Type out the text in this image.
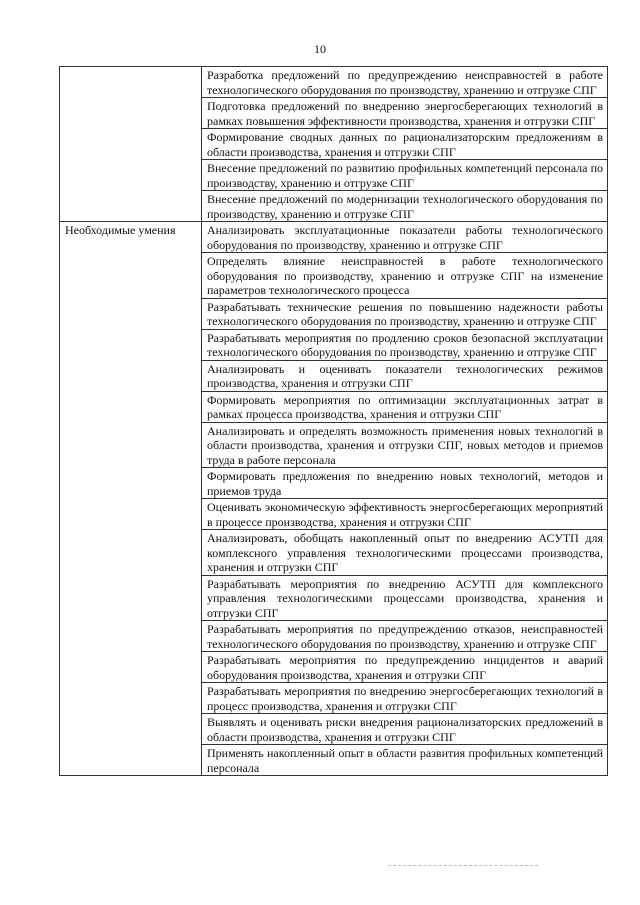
10
	Разработка предложений по предупреждению неисправностей в работе технологического оборудования по производству, хранению и отгрузке СПГ
	Подготовка предложений по внедрению энергосберегающих технологий в рамках повышения эффективности производства, хранения и отгрузки СПГ
	Формирование сводных данных по рационализаторским предложениям в области производства, хранения и отгрузки СПГ
	Внесение предложений по развитию профильных компетенций персонала по производству, хранению и отгрузке СПГ
	Внесение предложений по модернизации технологического оборудования по производству, хранению и отгрузке СПГ
Необходимые умения	Анализировать эксплуатационные показатели работы технологического оборудования по производству, хранению и отгрузке СПГ
	Определять влияние неисправностей в работе технологического оборудования по производству, хранению и отгрузке СПГ на изменение параметров технологического процесса
	Разрабатывать технические решения по повышению надежности работы технологического оборудования по производству, хранению и отгрузке СПГ
	Разрабатывать мероприятия по продлению сроков безопасной эксплуатации технологического оборудования по производству, хранению и отгрузке СПГ
	Анализировать и оценивать показатели технологических режимов производства, хранения и отгрузки СПГ
	Формировать мероприятия по оптимизации эксплуатационных затрат в рамках процесса производства, хранения и отгрузки СПГ
	Анализировать и определять возможность применения новых технологий в области производства, хранения и отгрузки СПГ, новых методов и приемов труда в работе персонала
	Формировать предложения по внедрению новых технологий, методов и приемов труда
	Оценивать экономическую эффективность энергосберегающих мероприятий в процессе производства, хранения и отгрузки СПГ
	Анализировать, обобщать накопленный опыт по внедрению АСУТП для комплексного управления технологическими процессами производства, хранения и отгрузки СПГ
	Разрабатывать мероприятия по внедрению АСУТП для комплексного управления технологическими процессами производства, хранения и отгрузки СПГ
	Разрабатывать мероприятия по предупреждению отказов, неисправностей технологического оборудования по производству, хранению и отгрузке СПГ
	Разрабатывать мероприятия по предупреждению инцидентов и аварий оборудования производства, хранения и отгрузки СПГ
	Разрабатывать мероприятия по внедрению энергосберегающих технологий в процесс производства, хранения и отгрузки СПГ
	Выявлять и оценивать риски внедрения рационализаторских предложений в области производства, хранения и отгрузки СПГ
	Применять накопленный опыт в области развития профильных компетенций персонала
